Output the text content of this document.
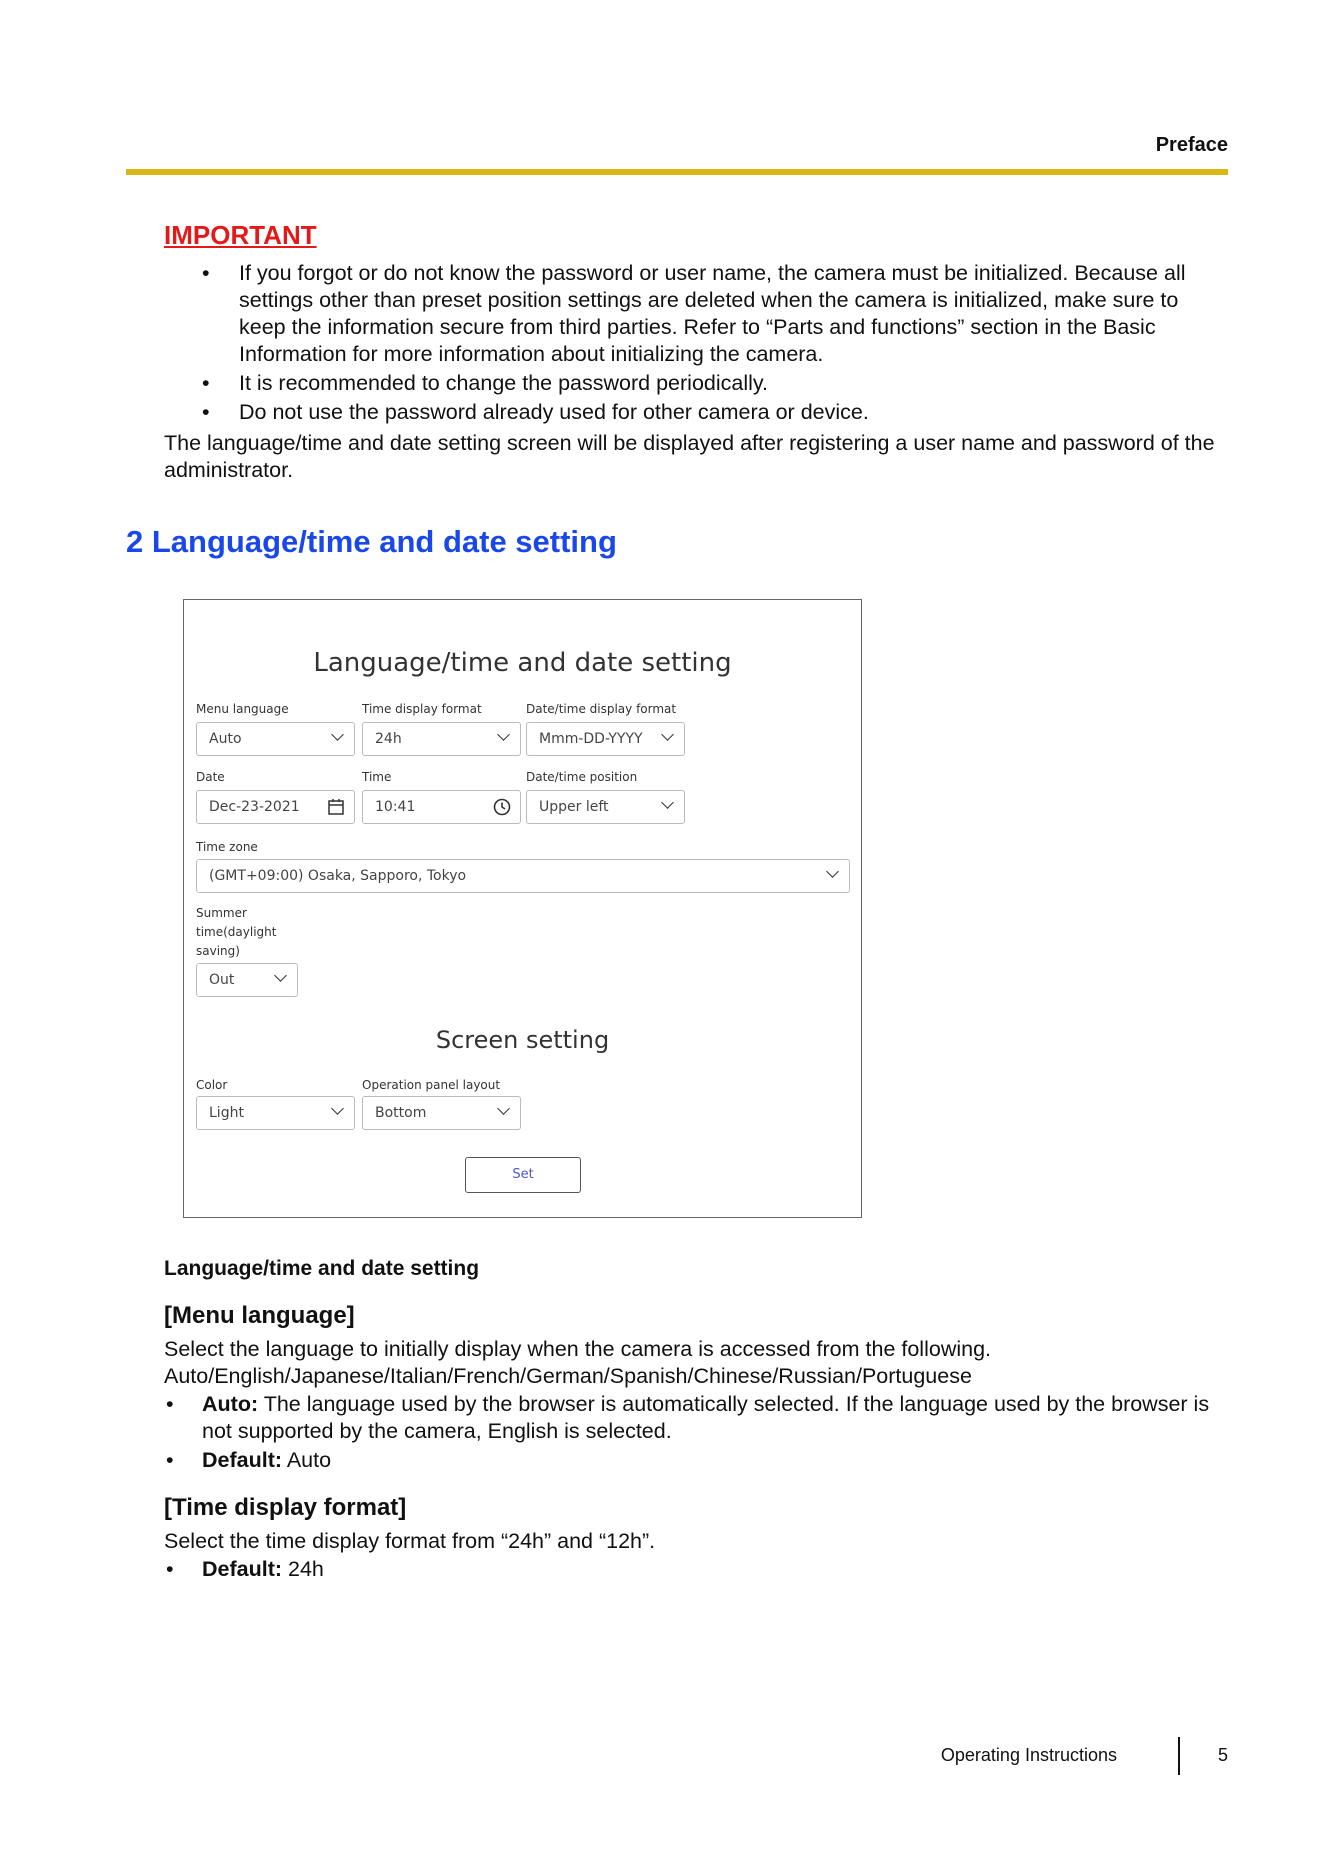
Preface
IMPORTANT
• If you forgot or do not know the password or user name, the camera must be initialized. Because all settings other than preset position settings are deleted when the camera is initialized, make sure to keep the information secure from third parties. Refer to “Parts and functions” section in the Basic Information for more information about initializing the camera.
• It is recommended to change the password periodically.
• Do not use the password already used for other camera or device.

The language/time and date setting screen will be displayed after registering a user name and password of the administrator.

2 Language/time and date setting
Language/time and date setting
Menu language
Auto
Time display format
24h
Date/time display format
Mmm-DD-YYYY
Date
Dec-23-2021
Time
10:41
Date/time position
Upper left
Time zone
(GMT+09:00) Osaka, Sapporo, Tokyo
Summer
time(daylight
saving)
Out
Screen setting
Color
Light
Operation panel layout
Bottom
Set
Language/time and date setting
[Menu language]

Select the language to initially display when the camera is accessed from the following.

Auto/English/Japanese/Italian/French/German/Spanish/Chinese/Russian/Portuguese

• Auto: The language used by the browser is automatically selected. If the language used by the browser is not supported by the camera, English is selected.
• Default: Auto
[Time display format]

Select the time display format from “24h” and “12h”.

• Default: 24h
Operating Instructions	5
